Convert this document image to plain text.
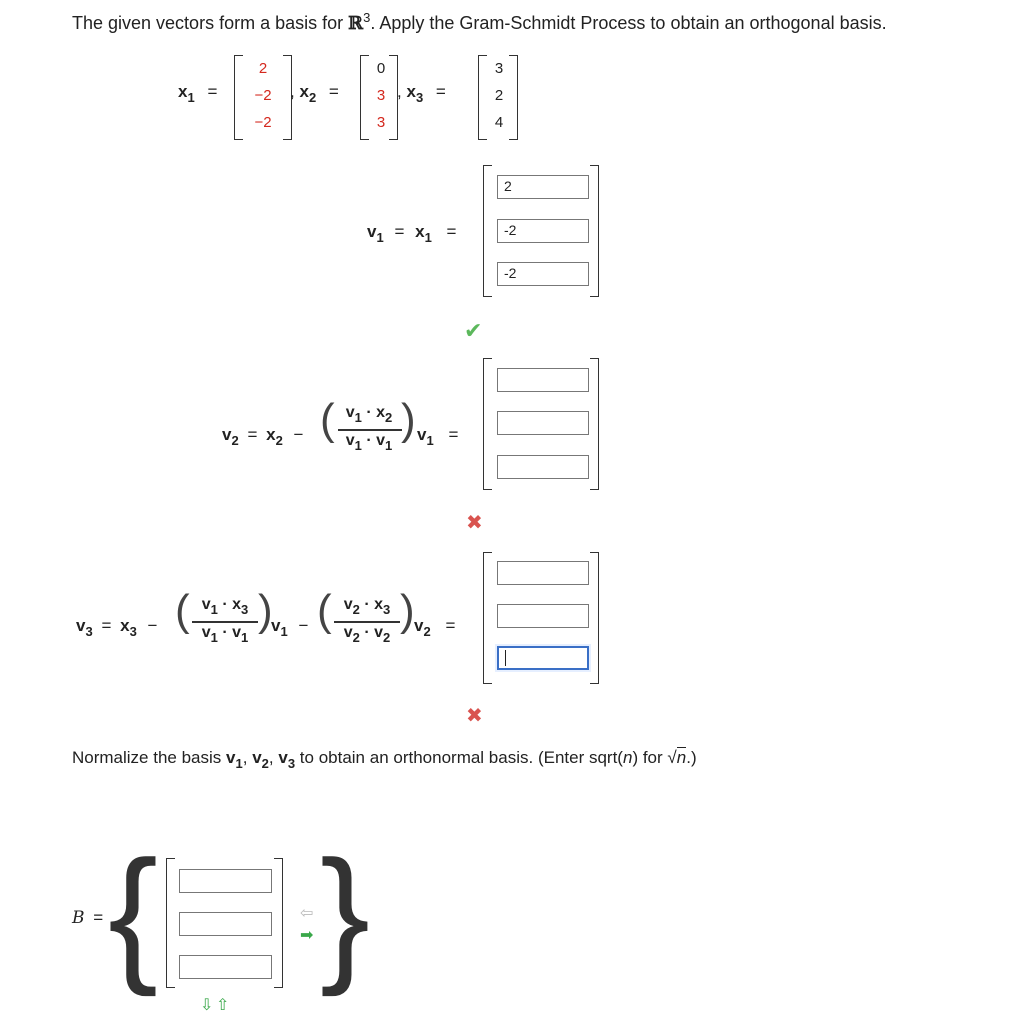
The given vectors form a basis for ℝ$^3$. Apply the Gram-Schmidt Process to obtain an orthogonal basis.
$x_1$ =
2
−2
−2
, $x_2$ =
0
3
3
, $x_3$ =
3
2
4
$v_1 = x_1$ =
2
-2
-2
✔
$v_2 = x_2$ − ( $v_1 \cdot x_2$
$v_1 \cdot v_1$
) $v_1$ =
✖
$v_3 = x_3$ − ( $v_1 \cdot x_3$
$v_1 \cdot v_1$
)
$v_1$ − ( $v_2 \cdot x_3$
$v_2 \cdot v_2$
) $v_2$ =
✖
Normalize the basis $v_1$, $v_2$, $v_3$ to obtain an orthonormal basis. (Enter sqrt(n) for √n.)
B = { }
⇦
➡
⇩ ⇧
